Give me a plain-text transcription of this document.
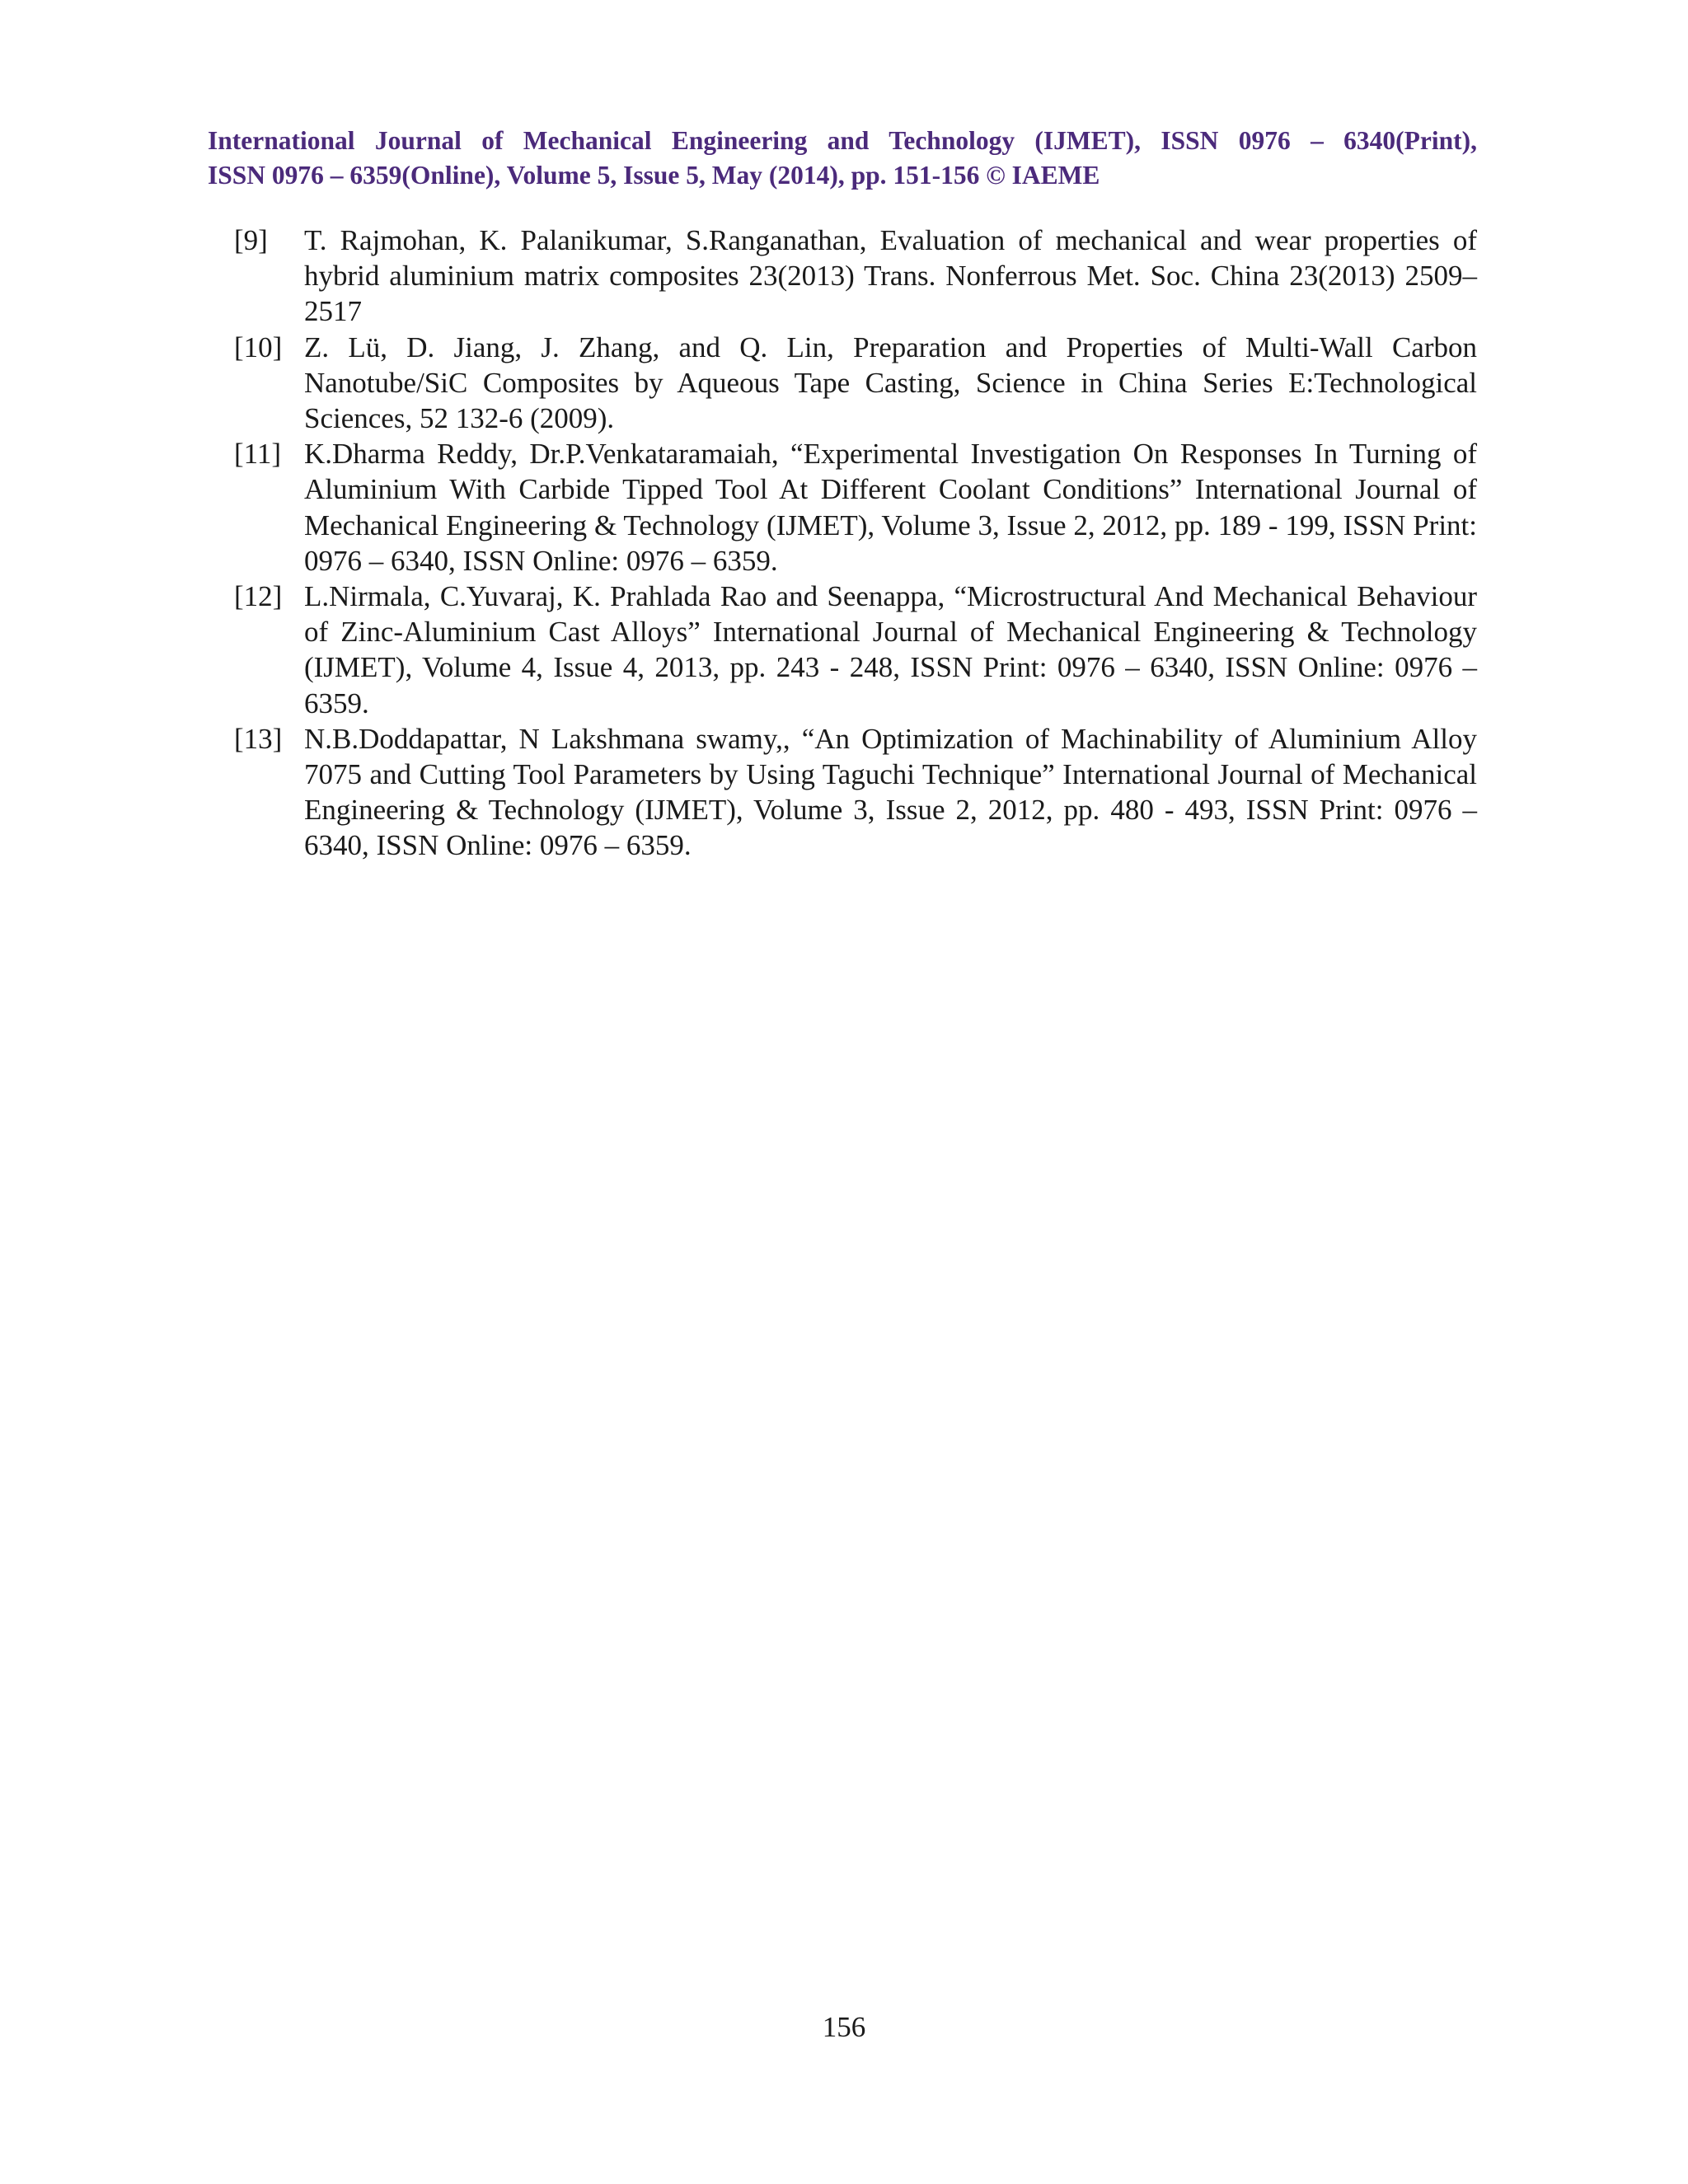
International Journal of Mechanical Engineering and Technology (IJMET), ISSN 0976 – 6340(Print),
ISSN 0976 – 6359(Online), Volume 5, Issue 5, May (2014), pp. 151-156 © IAEME
[9]	T. Rajmohan, K. Palanikumar, S.Ranganathan, Evaluation of mechanical and wear properties of hybrid aluminium matrix composites 23(2013) Trans. Nonferrous Met. Soc. China 23(2013) 2509–2517
[10] Z. Lü, D. Jiang, J. Zhang, and Q. Lin, Preparation and Properties of Multi-Wall Carbon Nanotube/SiC Composites by Aqueous Tape Casting, Science in China Series E:Technological Sciences, 52 132-6 (2009).
[11] K.Dharma Reddy, Dr.P.Venkataramaiah, “Experimental Investigation On Responses In Turning of Aluminium With Carbide Tipped Tool At Different Coolant Conditions” International Journal of Mechanical Engineering & Technology (IJMET), Volume 3, Issue 2, 2012, pp. 189 - 199, ISSN Print: 0976 – 6340, ISSN Online: 0976 – 6359.
[12] L.Nirmala, C.Yuvaraj, K. Prahlada Rao and Seenappa, “Microstructural And Mechanical Behaviour of Zinc-Aluminium Cast Alloys” International Journal of Mechanical Engineering & Technology (IJMET), Volume 4, Issue 4, 2013, pp. 243 - 248, ISSN Print: 0976 – 6340, ISSN Online: 0976 – 6359.
[13] N.B.Doddapattar, N Lakshmana swamy,, “An Optimization of Machinability of Aluminium Alloy 7075 and Cutting Tool Parameters by Using Taguchi Technique” International Journal of Mechanical Engineering & Technology (IJMET), Volume 3, Issue 2, 2012, pp. 480 - 493, ISSN Print: 0976 – 6340, ISSN Online: 0976 – 6359.
156
